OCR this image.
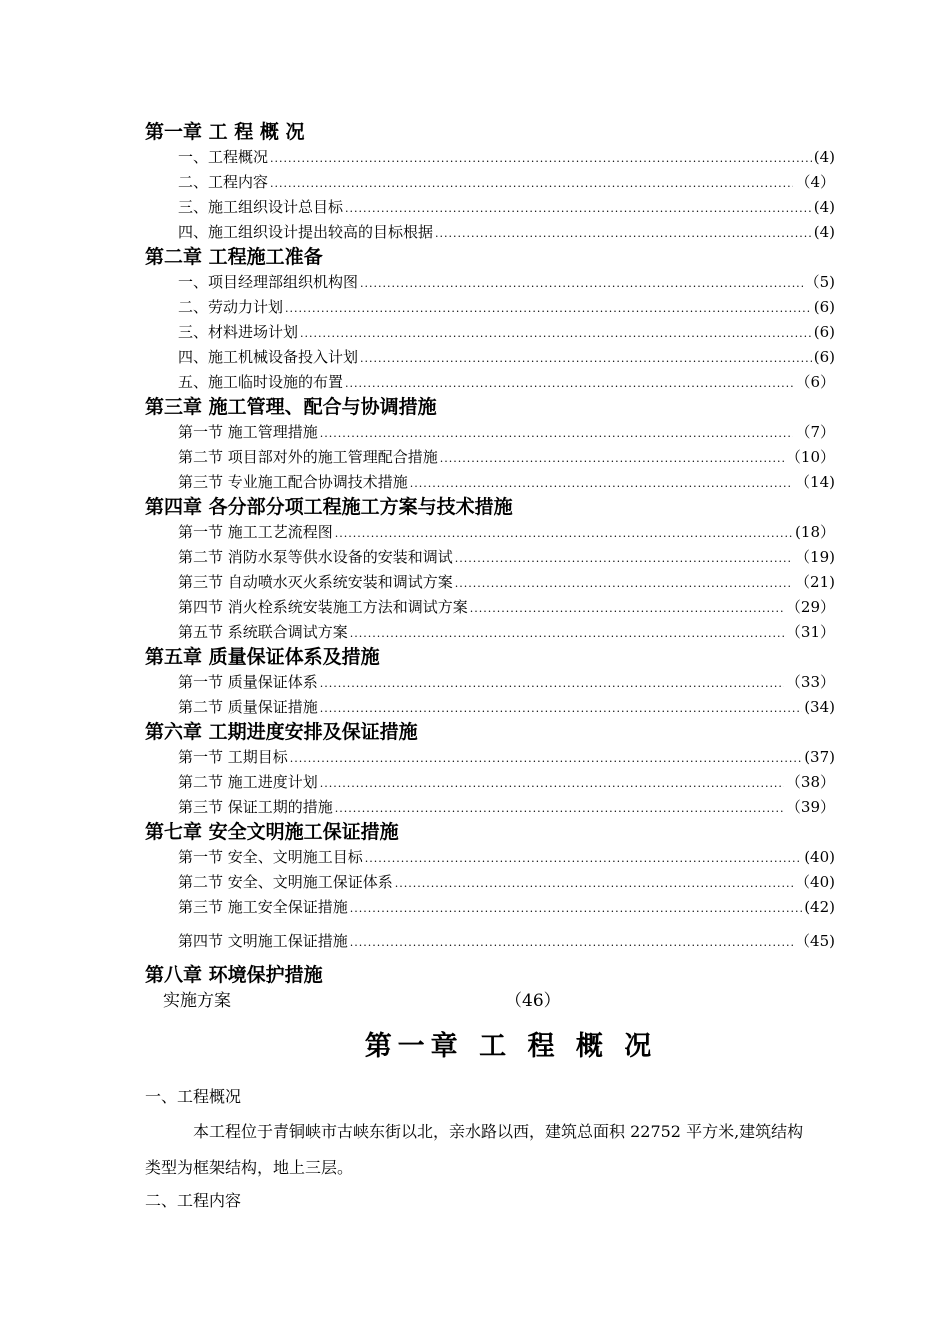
第一章 工 程 概 况
一、工程概况 .....	(4)
二、工程内容 .....	（4）
三、施工组织设计总目标 .....	(4)
四、施工组织设计提出较高的目标根据 .....	(4)
第二章 工程施工准备
一、项目经理部组织机构图 .....	（5)
二、劳动力计划 .....	(6)
三、材料进场计划 .....	(6)
四、施工机械设备投入计划 .....	(6)
五、施工临时设施的布置 .....	（6）
第三章 施工管理、配合与协调措施
第一节 施工管理措施 .....	（7）
第二节 项目部对外的施工管理配合措施 .....	（10）
第三节 专业施工配合协调技术措施 .....	（14)
第四章 各分部分项工程施工方案与技术措施
第一节 施工工艺流程图 .....	(18）
第二节 消防水泵等供水设备的安装和调试 .....	（19)
第三节 自动喷水灭火系统安装和调试方案 .....	（21)
第四节 消火栓系统安装施工方法和调试方案 .....	（29）
第五节 系统联合调试方案 .....	（31）
第五章 质量保证体系及措施
第一节 质量保证体系 .....	（33）
第二节 质量保证措施 .....	(34)
第六章 工期进度安排及保证措施
第一节 工期目标 .....	(37)
第二节 施工进度计划 .....	（38）
第三节 保证工期的措施 .....	（39）
第七章 安全文明施工保证措施
第一节 安全、文明施工目标 .....	(40)
第二节 安全、文明施工保证体系 .....	（40)
第三节 施工安全保证措施 .....	(42)
第四节 文明施工保证措施 .....	（45)
第八章 环境保护措施
实施方案	（46）
第一章 工 程 概 况
一、工程概况
本工程位于青铜峡市古峡东街以北，亲水路以西，建筑总面积 22752 平方米,建筑结构类型为框架结构，地上三层。
二、工程内容
